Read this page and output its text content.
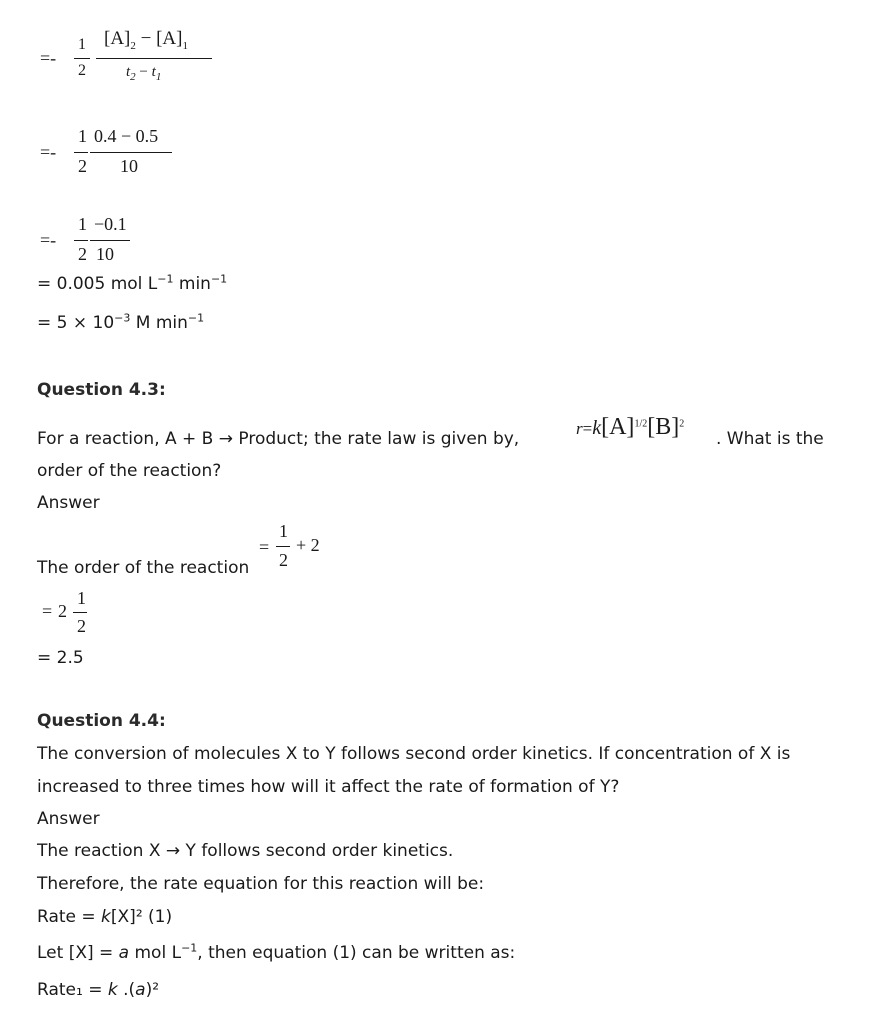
=-
1
2
$[A]_2 - [A]_1$
$t_2 - t_1$
=-
1
2
0.4 − 0.5
10
=-
1
2
−0.1
10
= 0.005 mol $L^{-1}$ $\min^{-1}$
= $5 \times 10^{-3}$ M $\min^{-1}$
Question 4.3:
For a reaction, A + B → Product; the rate law is given by,
$r=k[A]^{1/2}[B]^2$
. What is the
order of the reaction?
Answer
The order of the reaction
=
1
2
+ 2
= 2
1
2
= 2.5
Question 4.4:
The conversion of molecules X to Y follows second order kinetics. If concentration of X is
increased to three times how will it affect the rate of formation of Y?
Answer
The reaction X → Y follows second order kinetics.
Therefore, the rate equation for this reaction will be:
Rate = k[X]² (1)
Let [X] = a mol $L^{-1}$, then equation (1) can be written as:
Rate₁ = k .(a)²
